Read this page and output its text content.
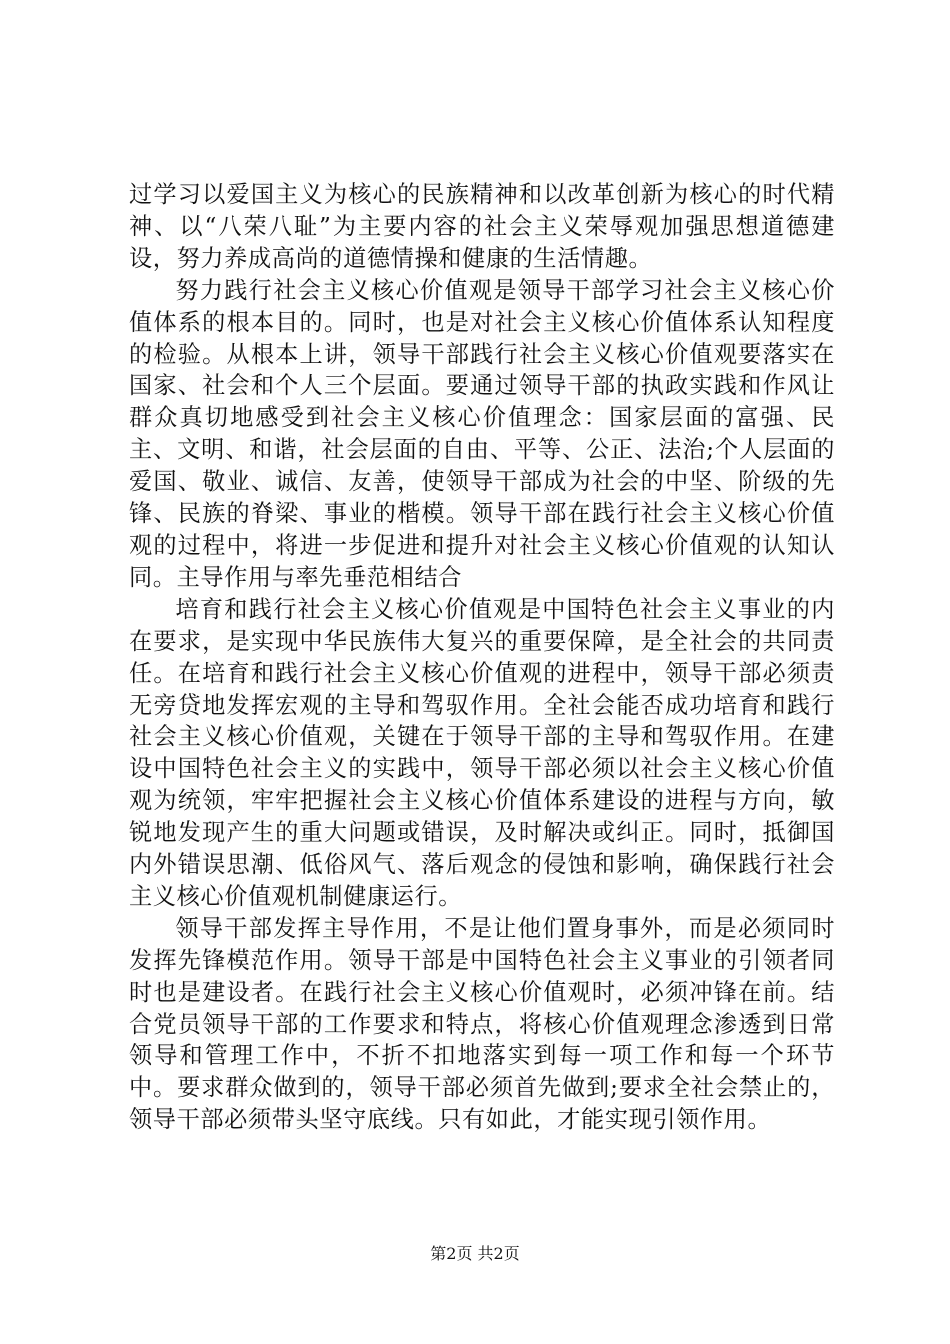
过学习以爱国主义为核心的民族精神和以改革创新为核心的时代精神、以“八荣八耻”为主要内容的社会主义荣辱观加强思想道德建设，努力养成高尚的道德情操和健康的生活情趣。

努力践行社会主义核心价值观是领导干部学习社会主义核心价值体系的根本目的。同时，也是对社会主义核心价值体系认知程度的检验。从根本上讲，领导干部践行社会主义核心价值观要落实在国家、社会和个人三个层面。要通过领导干部的执政实践和作风让群众真切地感受到社会主义核心价值理念：国家层面的富强、民主、文明、和谐，社会层面的自由、平等、公正、法治;个人层面的爱国、敬业、诚信、友善，使领导干部成为社会的中坚、阶级的先锋、民族的脊梁、事业的楷模。领导干部在践行社会主义核心价值观的过程中，将进一步促进和提升对社会主义核心价值观的认知认同。主导作用与率先垂范相结合

培育和践行社会主义核心价值观是中国特色社会主义事业的内在要求，是实现中华民族伟大复兴的重要保障，是全社会的共同责任。在培育和践行社会主义核心价值观的进程中，领导干部必须责无旁贷地发挥宏观的主导和驾驭作用。全社会能否成功培育和践行社会主义核心价值观，关键在于领导干部的主导和驾驭作用。在建设中国特色社会主义的实践中，领导干部必须以社会主义核心价值观为统领，牢牢把握社会主义核心价值体系建设的进程与方向，敏锐地发现产生的重大问题或错误，及时解决或纠正。同时，抵御国内外错误思潮、低俗风气、落后观念的侵蚀和影响，确保践行社会主义核心价值观机制健康运行。

领导干部发挥主导作用，不是让他们置身事外，而是必须同时发挥先锋模范作用。领导干部是中国特色社会主义事业的引领者同时也是建设者。在践行社会主义核心价值观时，必须冲锋在前。结合党员领导干部的工作要求和特点，将核心价值观理念渗透到日常领导和管理工作中，不折不扣地落实到每一项工作和每一个环节中。要求群众做到的，领导干部必须首先做到;要求全社会禁止的，领导干部必须带头坚守底线。只有如此，才能实现引领作用。

第2页 共2页
